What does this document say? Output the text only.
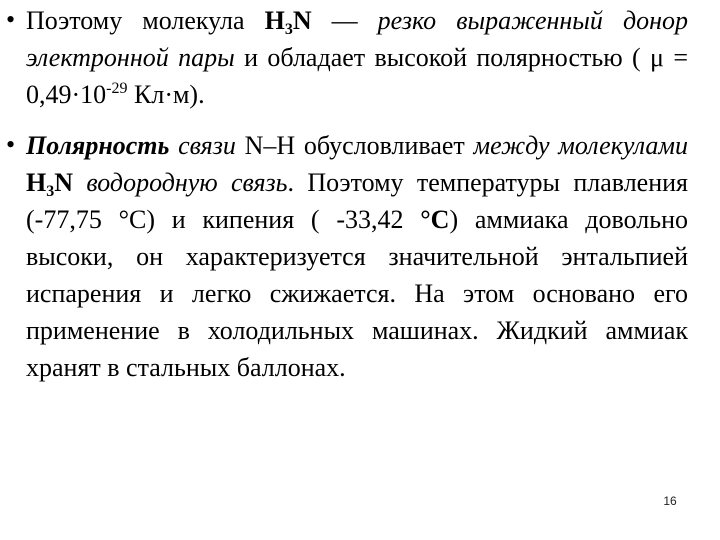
• Поэтому молекула $H_3N$ — резко выраженный донор электронной пары и обладает высокой полярностью ( $\mu = 0,49\cdot 10^{-29}$ Кл·м).
• Полярность связи N–H обусловливает между молекулами $H_3N$ водородную связь. Поэтому температуры плавления (-77,75 °С) и кипения ( -33,42 °С) аммиака довольно высоки, он характеризуется значительной энтальпией испарения и легко сжижается. На этом основано его применение в холодильных машинах. Жидкий аммиак хранят в стальных баллонах.
16
